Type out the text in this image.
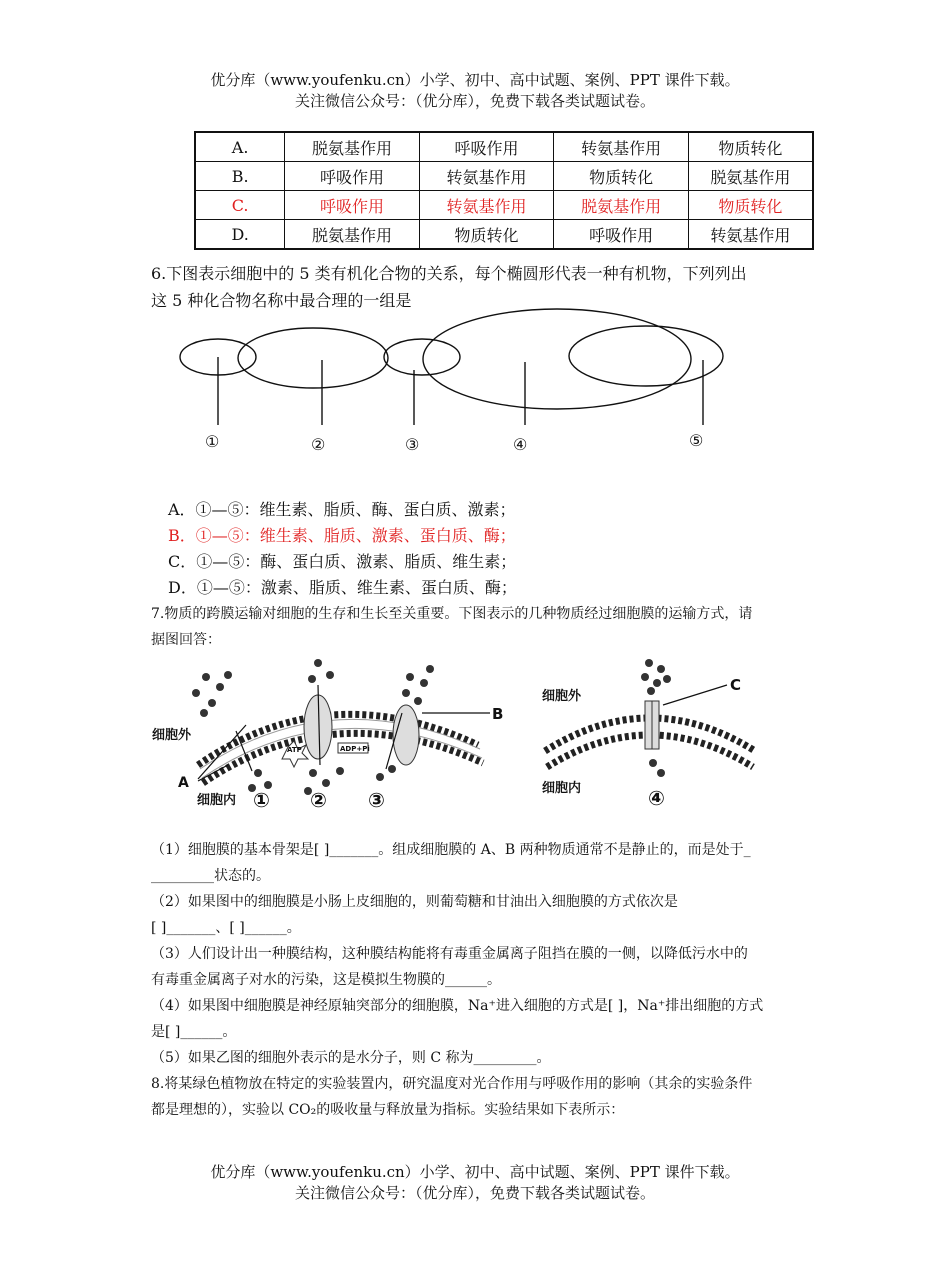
优分库（www.youfenku.cn）小学、初中、高中试题、案例、PPT 课件下载。
关注微信公众号：（优分库），免费下载各类试题试卷。
A.	脱氨基作用	呼吸作用	转氨基作用	物质转化
B.	呼吸作用	转氨基作用	物质转化	脱氨基作用
C.	呼吸作用	转氨基作用	脱氨基作用	物质转化
D.	脱氨基作用	物质转化	呼吸作用	转氨基作用
6.下图表示细胞中的 5 类有机化合物的关系，每个椭圆形代表一种有机物，下列列出
这 5 种化合物名称中最合理的一组是
①	②	③	④	⑤
A．①—⑤：维生素、脂质、酶、蛋白质、激素；
B．①—⑤：维生素、脂质、激素、蛋白质、酶；
C．①—⑤：酶、蛋白质、激素、脂质、维生素；
D．①—⑤：激素、脂质、维生素、蛋白质、酶；
7.物质的跨膜运输对细胞的生存和生长至关重要。下图表示的几种物质经过细胞膜的运输方式，请
据图回答：
细胞外
细胞内
A
B
ATP	ADP+Pi
① ② ③
细胞外
细胞内
C
④
（1）细胞膜的基本骨架是[ ]_______。组成细胞膜的 A、B 两种物质通常不是静止的，而是处于_
_________状态的。
（2）如果图中的细胞膜是小肠上皮细胞的，则葡萄糖和甘油出入细胞膜的方式依次是
[ ]_______、[ ]______。
（3）人们设计出一种膜结构，这种膜结构能将有毒重金属离子阻挡在膜的一侧，以降低污水中的
有毒重金属离子对水的污染，这是模拟生物膜的______。
（4）如果图中细胞膜是神经原轴突部分的细胞膜，Na⁺进入细胞的方式是[ ]，Na⁺排出细胞的方式
是[ ]______。
（5）如果乙图的细胞外表示的是水分子，则 C 称为_________。
8.将某绿色植物放在特定的实验装置内，研究温度对光合作用与呼吸作用的影响（其余的实验条件
都是理想的），实验以 CO₂的吸收量与释放量为指标。实验结果如下表所示：
优分库（www.youfenku.cn）小学、初中、高中试题、案例、PPT 课件下载。
关注微信公众号：（优分库），免费下载各类试题试卷。
